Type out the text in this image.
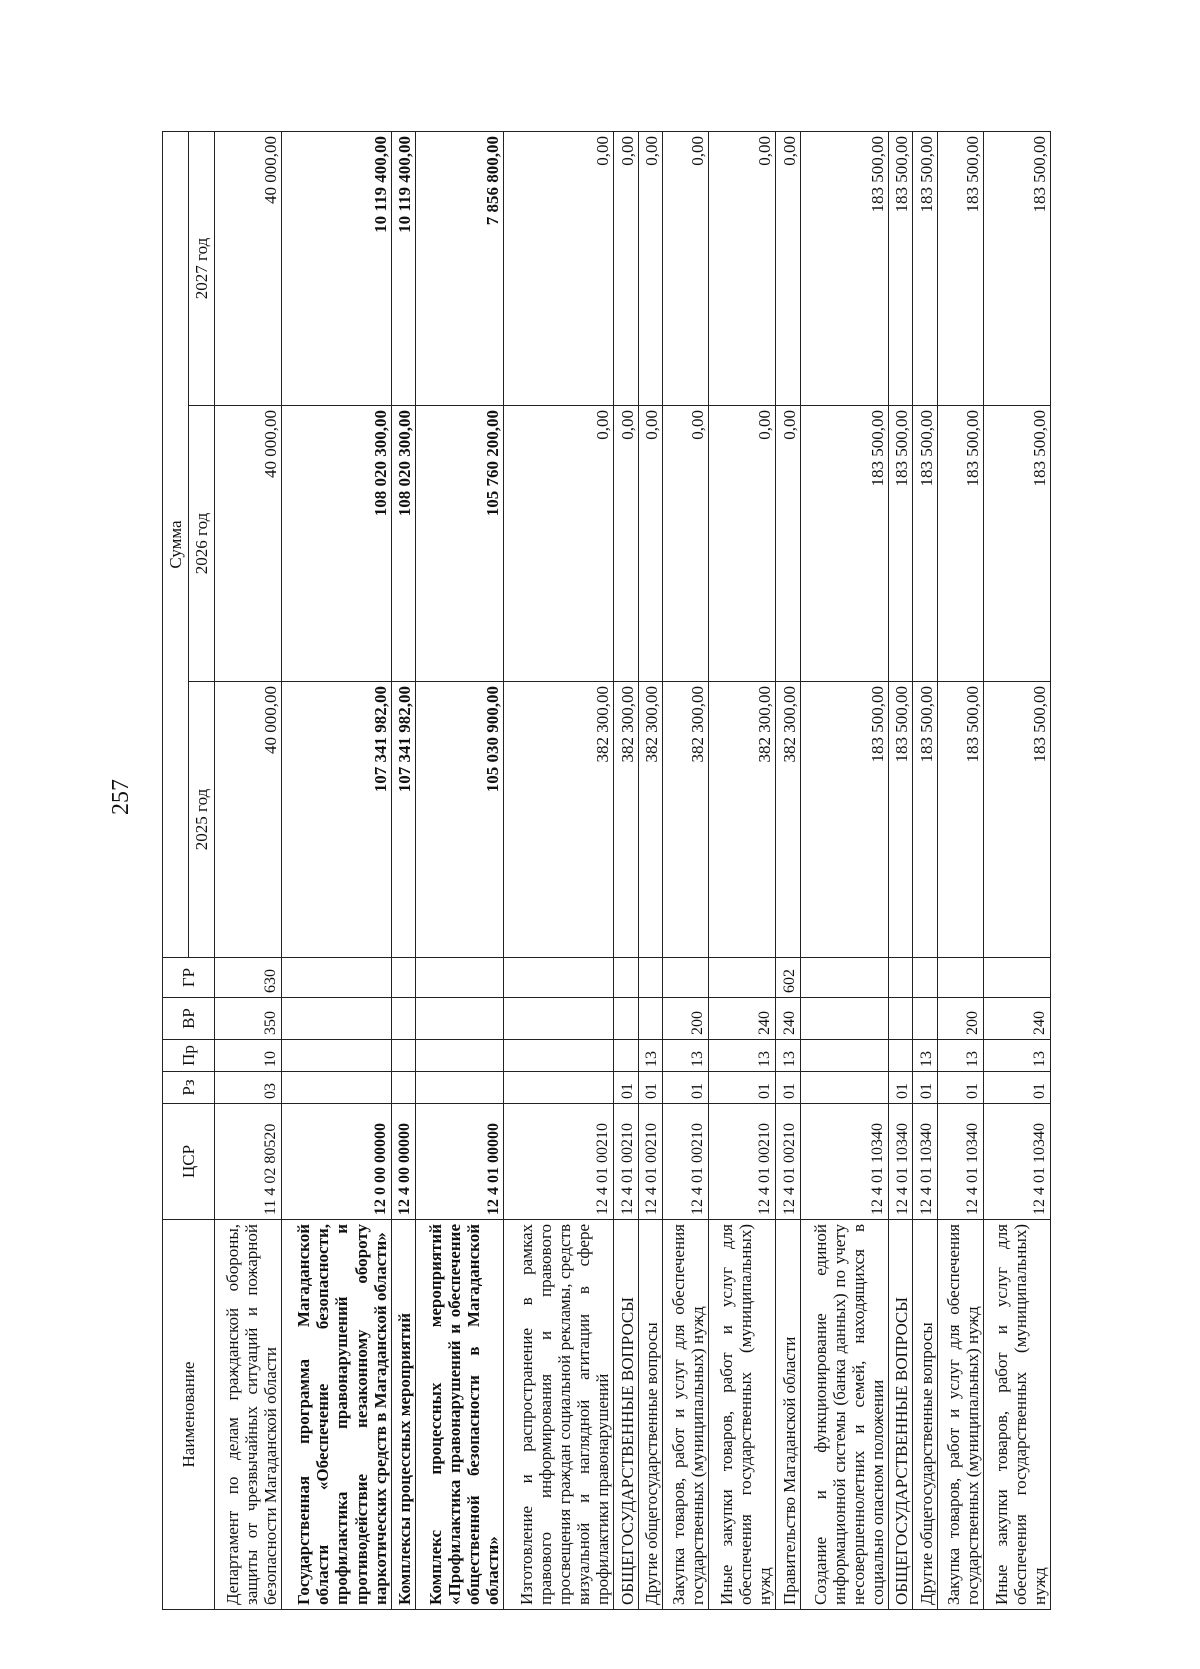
257
Наименование	ЦСР	Рз	Пр	ВР	ГР	Сумма		
						2025 год	2026 год	2027 год
Департамент по делам гражданской обороны, защиты от чрезвычайных ситуаций и пожарной безопасности Магаданской области	11 4 02 80520	03	10	350	630	40 000,00	40 000,00	40 000,00
Государственная программа Магаданской области «Обеспечение безопасности, профилактика правонарушений и противодействие незаконному обороту наркотических средств в Магаданской области»	12 0 00 00000					107 341 982,00	108 020 300,00	10 119 400,00
Комплексы процессных мероприятий	12 4 00 00000					107 341 982,00	108 020 300,00	10 119 400,00
Комплекс процессных мероприятий «Профилактика правонарушений и обеспечение общественной безопасности в Магаданской области»	12 4 01 00000					105 030 900,00	105 760 200,00	7 856 800,00
Изготовление и распространение в рамках правового информирования и правового просвещения граждан социальной рекламы, средств визуальной и наглядной агитации в сфере профилактики правонарушений	12 4 01 00210					382 300,00	0,00	0,00
ОБЩЕГОСУДАРСТВЕННЫЕ ВОПРОСЫ	12 4 01 00210	01				382 300,00	0,00	0,00
Другие общегосударственные вопросы	12 4 01 00210	01	13			382 300,00	0,00	0,00
Закупка товаров, работ и услуг для обеспечения государственных (муниципальных) нужд	12 4 01 00210	01	13	200		382 300,00	0,00	0,00
Иные закупки товаров, работ и услуг для обеспечения государственных (муниципальных) нужд	12 4 01 00210	01	13	240		382 300,00	0,00	0,00
Правительство Магаданской области	12 4 01 00210	01	13	240	602	382 300,00	0,00	0,00
Создание и функционирование единой информационной системы (банка данных) по учету несовершеннолетних и семей, находящихся в социально опасном положении	12 4 01 10340					183 500,00	183 500,00	183 500,00
ОБЩЕГОСУДАРСТВЕННЫЕ ВОПРОСЫ	12 4 01 10340	01				183 500,00	183 500,00	183 500,00
Другие общегосударственные вопросы	12 4 01 10340	01	13			183 500,00	183 500,00	183 500,00
Закупка товаров, работ и услуг для обеспечения государственных (муниципальных) нужд	12 4 01 10340	01	13	200		183 500,00	183 500,00	183 500,00
Иные закупки товаров, работ и услуг для обеспечения государственных (муниципальных) нужд	12 4 01 10340	01	13	240		183 500,00	183 500,00	183 500,00
